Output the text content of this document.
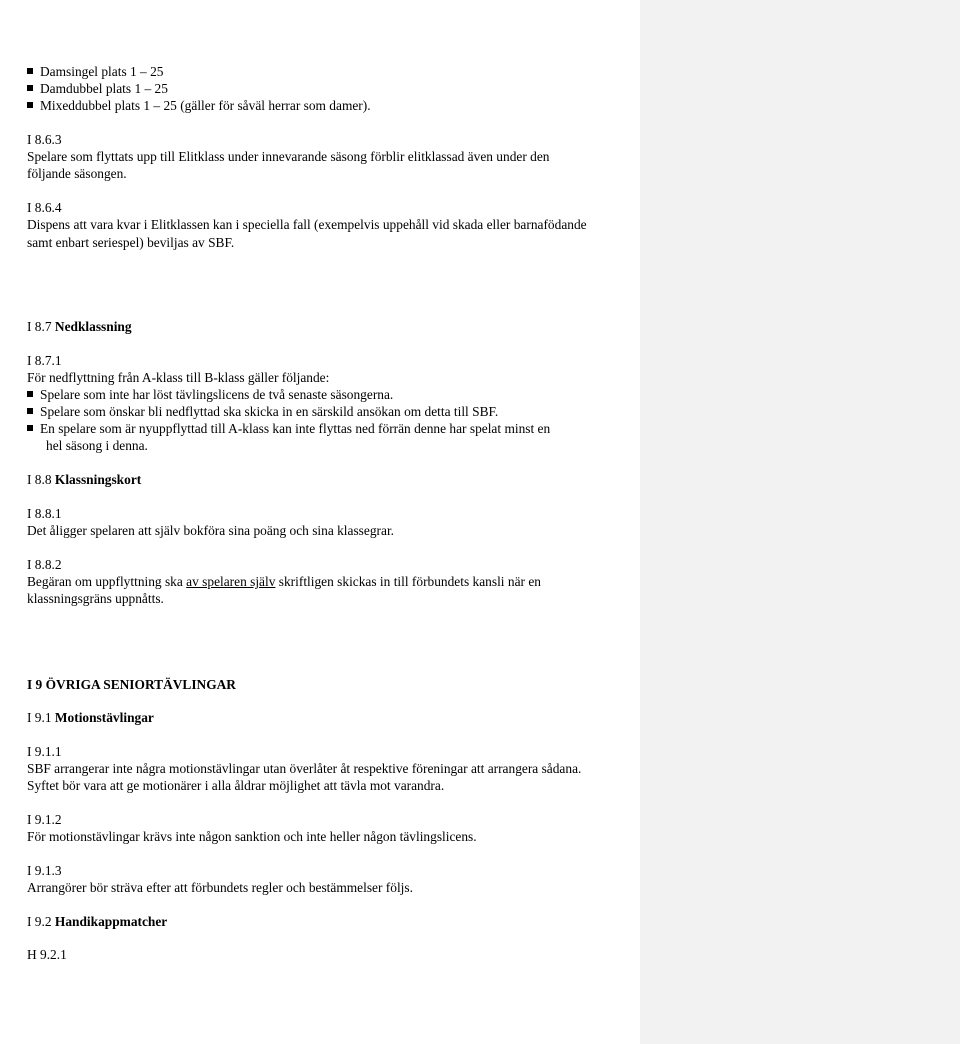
Damsingel plats 1 – 25
Damdubbel plats 1 – 25
Mixeddubbel plats 1 – 25 (gäller för såväl herrar som damer).
I 8.6.3
Spelare som flyttats upp till Elitklass under innevarande säsong förblir elitklassad även under den
följande säsongen.
I 8.6.4
Dispens att vara kvar i Elitklassen kan i speciella fall (exempelvis uppehåll vid skada eller barnafödande
samt enbart seriespel) beviljas av SBF.
I 8.7 Nedklassning
I 8.7.1
För nedflyttning från A-klass till B-klass gäller följande:
Spelare som inte har löst tävlingslicens de två senaste säsongerna.
Spelare som önskar bli nedflyttad ska skicka in en särskild ansökan om detta till SBF.
En spelare som är nyuppflyttad till A-klass kan inte flyttas ned förrän denne har spelat minst en
hel säsong i denna.
I 8.8 Klassningskort
I 8.8.1
Det åligger spelaren att själv bokföra sina poäng och sina klassegrar.
I 8.8.2
Begäran om uppflyttning ska av spelaren själv skriftligen skickas in till förbundets kansli när en
klassningsgräns uppnåtts.
I 9 ÖVRIGA SENIORTÄVLINGAR
I 9.1 Motionstävlingar
I 9.1.1
SBF arrangerar inte några motionstävlingar utan överlåter åt respektive föreningar att arrangera sådana.
Syftet bör vara att ge motionärer i alla åldrar möjlighet att tävla mot varandra.
I 9.1.2
För motionstävlingar krävs inte någon sanktion och inte heller någon tävlingslicens.
I 9.1.3
Arrangörer bör sträva efter att förbundets regler och bestämmelser följs.
I 9.2 Handikappmatcher
H 9.2.1
